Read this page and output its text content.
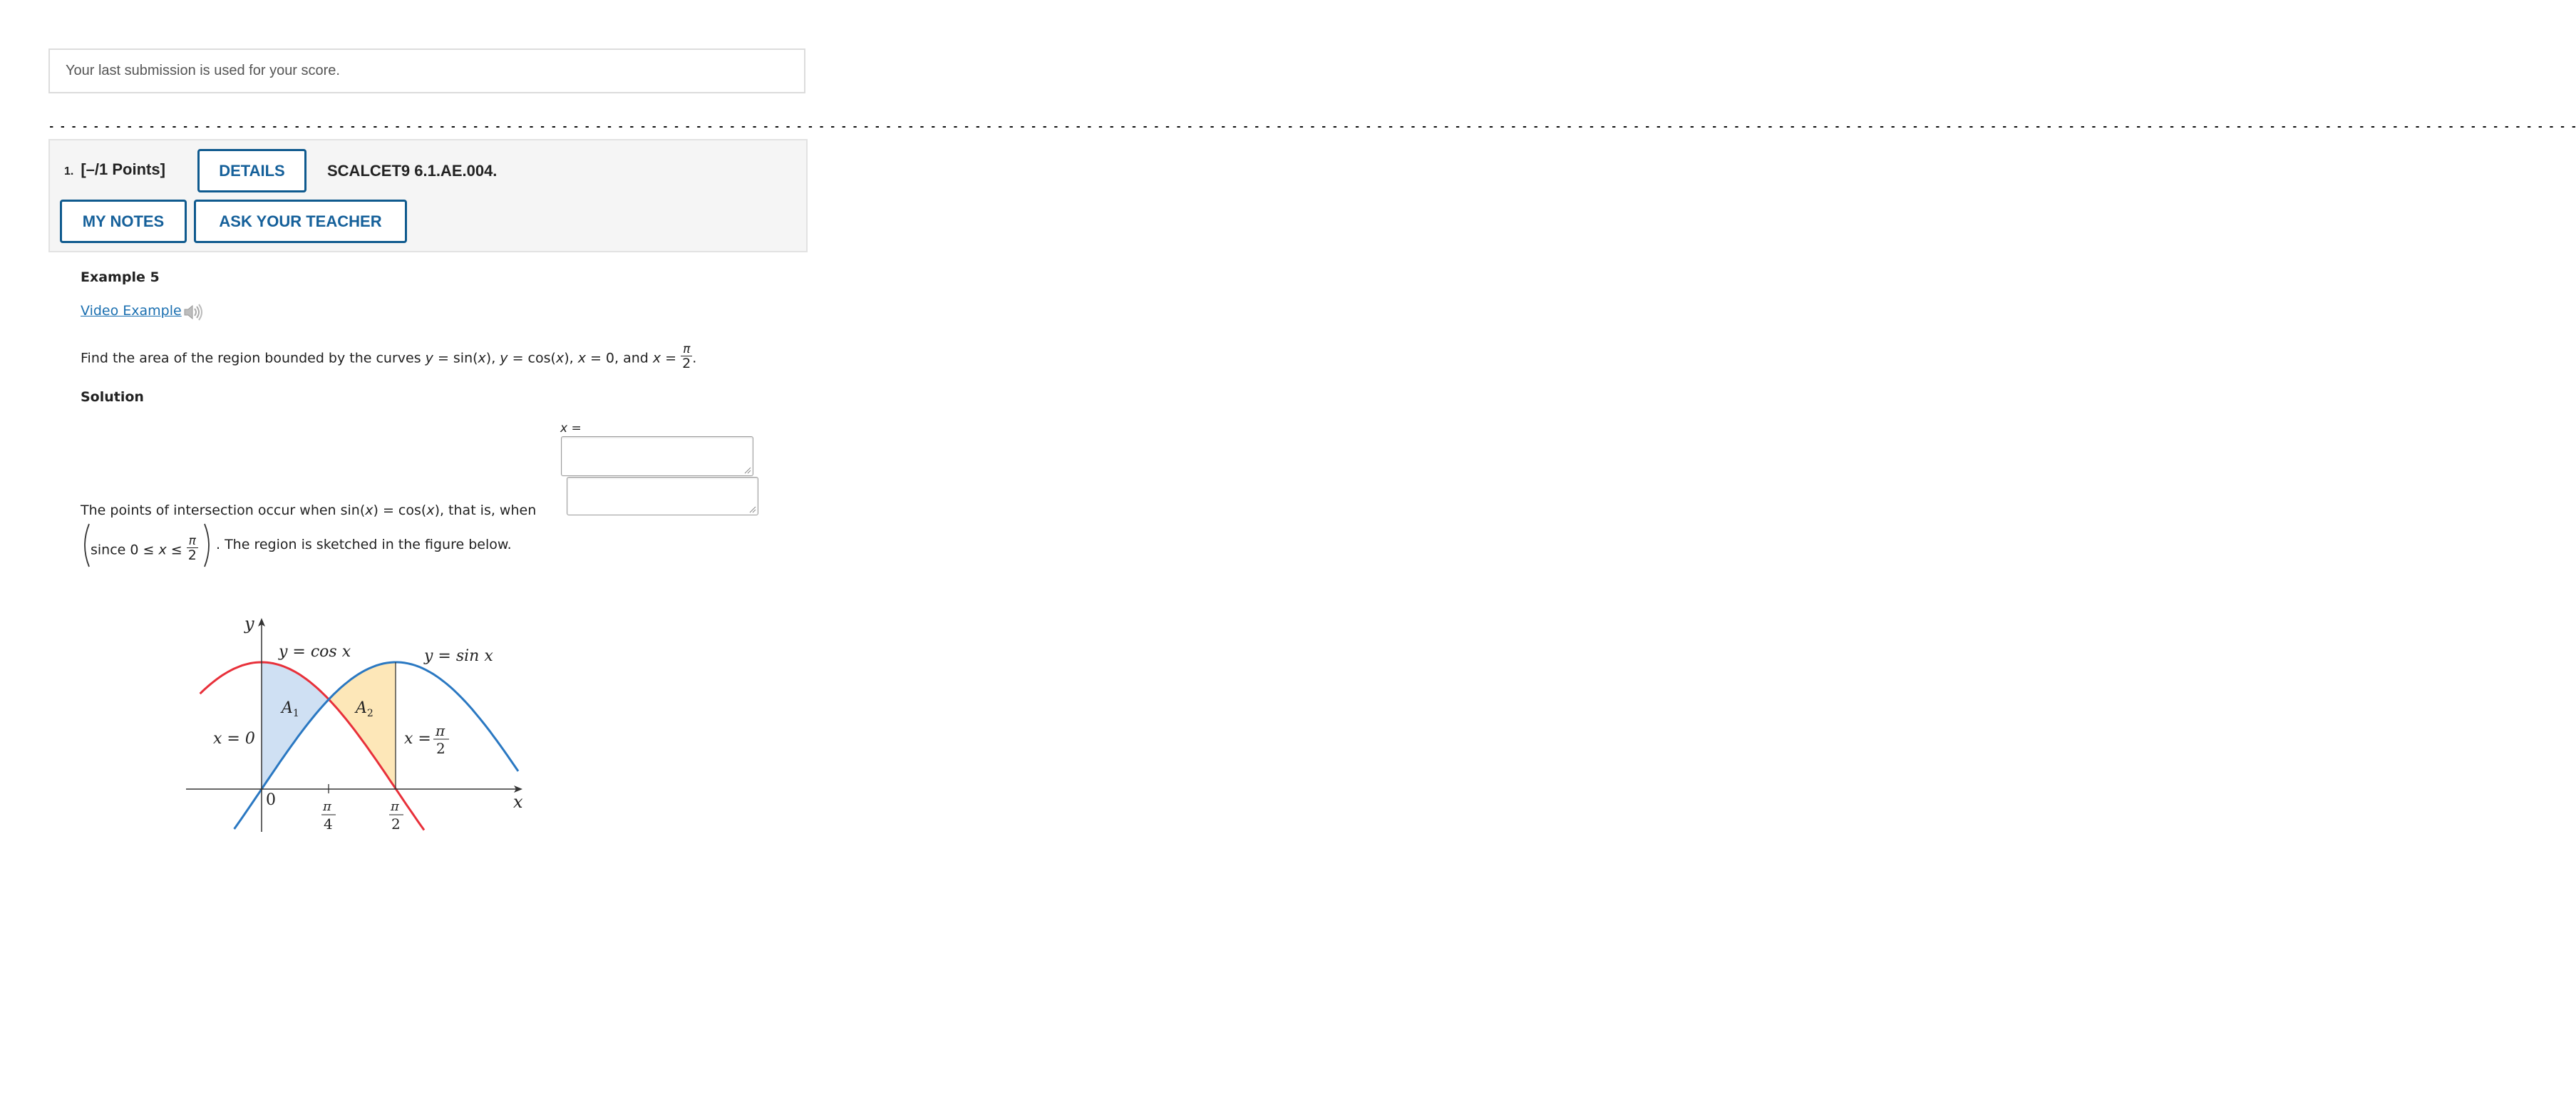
Your last submission is used for your score.
- - - - - - - - - - - - - - - - - - - - - - - - - - - - - - - - - - - - - - - - - - - - - - - - - - - - - - - - - - - - - - - - - - - - - - - - - - - - - - - - - - - - - - - - - - - - - - - - - - - - - - - - - - - - - - - - - - - - - - - - - - - - - - - - - - - - - - - - - - - - - - - - - - - - - - - - - - - - - - - - - - - - - - - - - - - - - - - - - - - - - - - - - - - - - - - - - - - - - - - - - - - - - - - - - - - - - - - - - - - - - - - - - - -
1. [–/1 Points]	DETAILS	SCALCET9 6.1.AE.004.
MY NOTES	ASK YOUR TEACHER
Example 5
Video Example
Find the area of the region bounded by the curves y = sin(x), y = cos(x), x = 0, and $x = \frac{\pi}{2}$ .
Solution
x =
The points of intersection occur when sin(x) = cos(x), that is, when
since $0 \le x \le \frac{\pi}{2}$ . The region is sketched in the figure below.
y
x
y = cos x	y = sin x
$A_1$	$A_2$
x = 0	x = π
2
0	π
4
π
2
